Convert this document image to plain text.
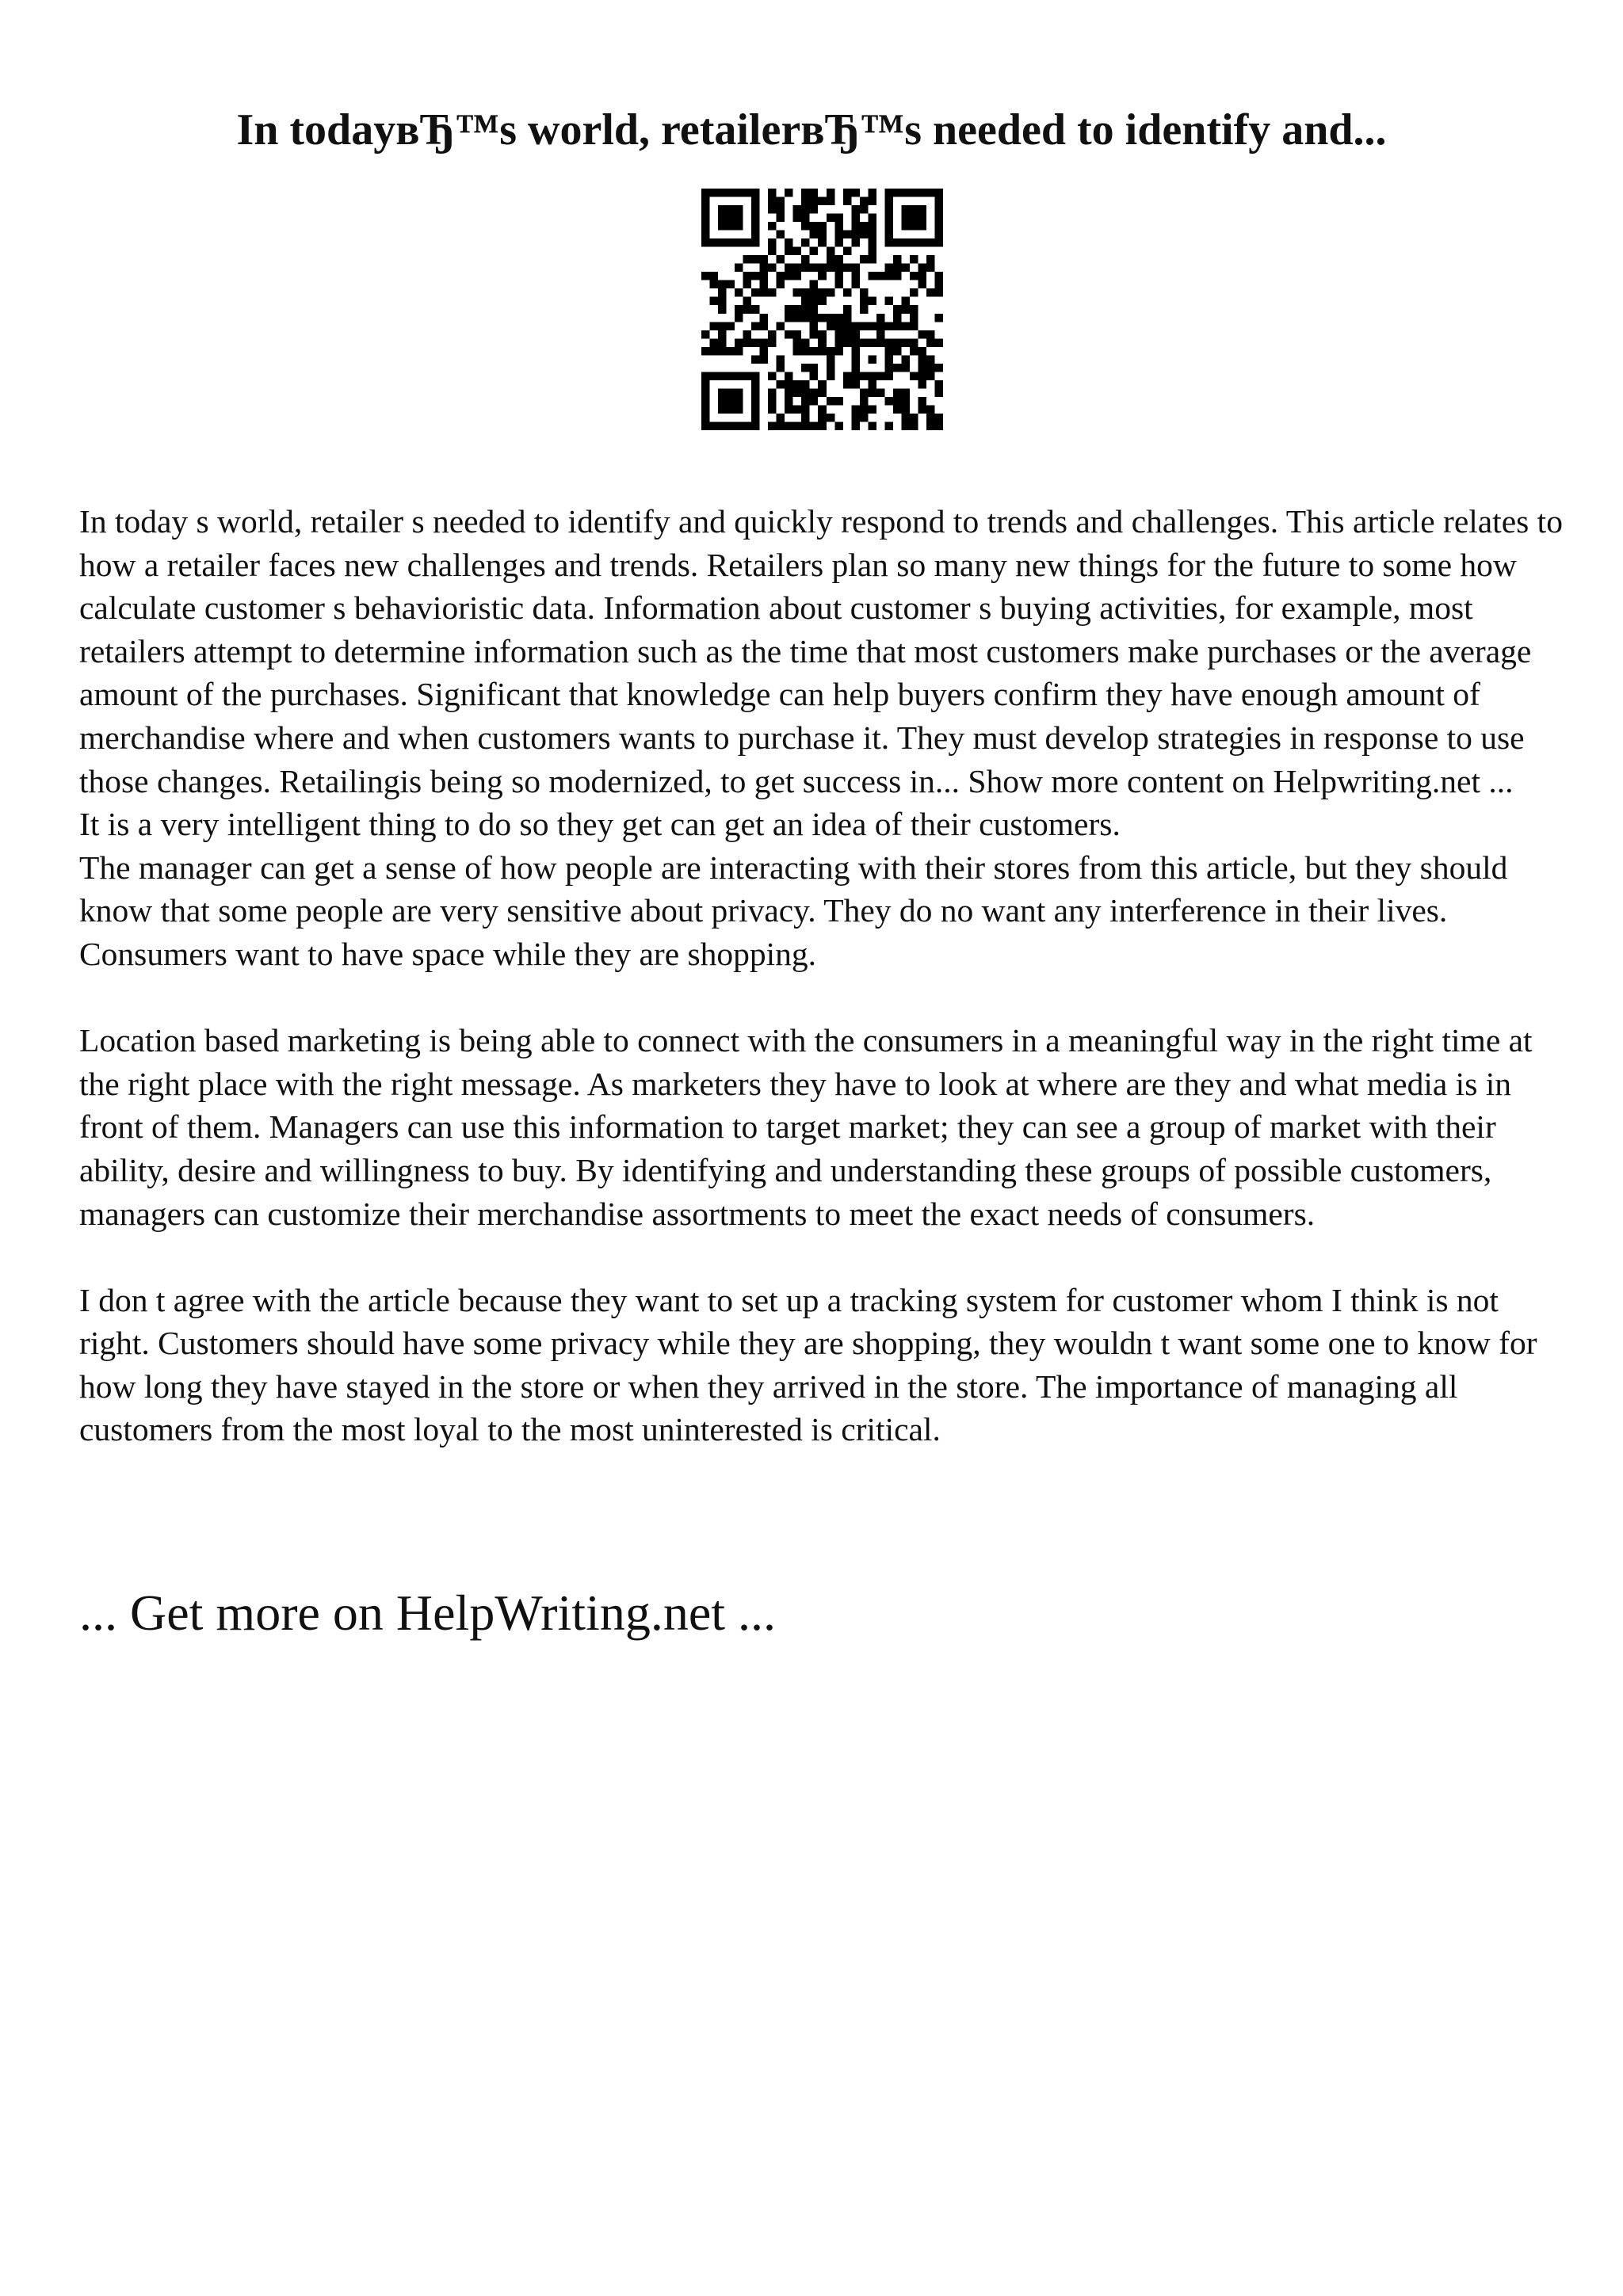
In todayвЂ™s world, retailerвЂ™s needed to identify and...

In today s world, retailer s needed to identify and quickly respond to trends and challenges. This article relates to how a retailer faces new challenges and trends. Retailers plan so many new things for the future to some how calculate customer s behavioristic data. Information about customer s buying activities, for example, most retailers attempt to determine information such as the time that most customers make purchases or the average amount of the purchases. Significant that knowledge can help buyers confirm they have enough amount of merchandise where and when customers wants to purchase it. They must develop strategies in response to use those changes. Retailingis being so modernized, to get success in... Show more content on Helpwriting.net ...

It is a very intelligent thing to do so they get can get an idea of their customers.

The manager can get a sense of how people are interacting with their stores from this article, but they should know that some people are very sensitive about privacy. They do no want any interference in their lives. Consumers want to have space while they are shopping.

Location based marketing is being able to connect with the consumers in a meaningful way in the right time at the right place with the right message. As marketers they have to look at where are they and what media is in front of them. Managers can use this information to target market; they can see a group of market with their ability, desire and willingness to buy. By identifying and understanding these groups of possible customers, managers can customize their merchandise assortments to meet the exact needs of consumers.

I don t agree with the article because they want to set up a tracking system for customer whom I think is not right. Customers should have some privacy while they are shopping, they wouldn t want some one to know for how long they have stayed in the store or when they arrived in the store. The importance of managing all customers from the most loyal to the most uninterested is critical.

... Get more on HelpWriting.net ...
